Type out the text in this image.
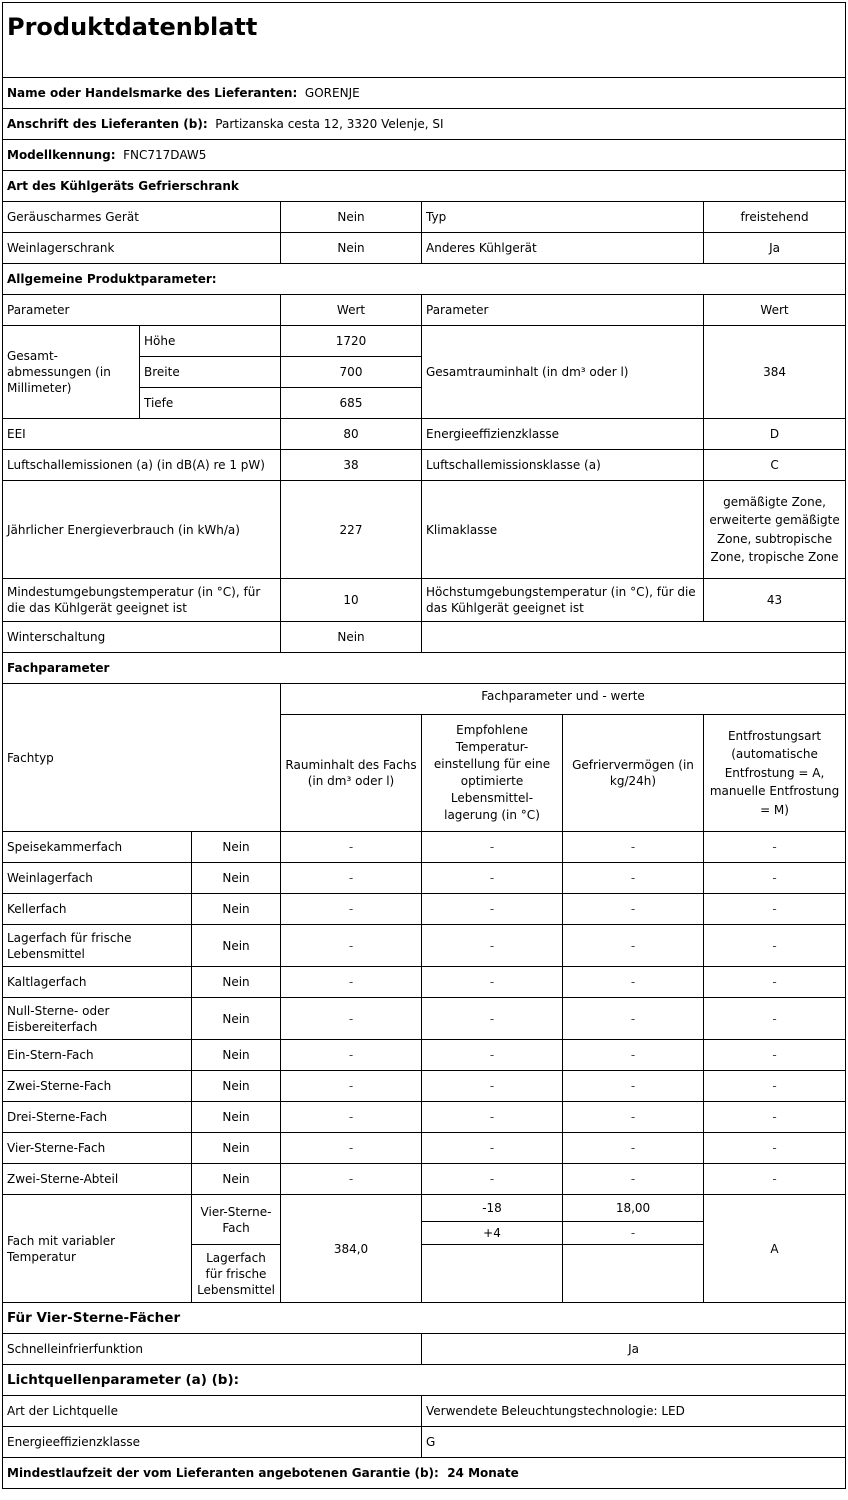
Produktdatenblatt						
Name oder Handelsmarke des Lieferanten: GORENJE						
Anschrift des Lieferanten (b): Partizanska cesta 12, 3320 Velenje, SI						
Modellkennung: FNC717DAW5						
Art des Kühlgeräts Gefrierschrank						
Geräuscharmes Gerät			Nein	Typ		freistehend
Weinlagerschrank			Nein	Anderes Kühlgerät		Ja
Allgemeine Produktparameter:						
Parameter			Wert	Parameter		Wert
Gesamt-abmessungen (in Millimeter)	Höhe		1720	Gesamtrauminhalt (in dm³ oder l)		384
	Breite		700			
	Tiefe		685			
EEI			80	Energieeffizienzklasse		D
Luftschallemissionen (a) (in dB(A) re 1 pW)			38	Luftschallemissionsklasse (a)		C
Jährlicher Energieverbrauch (in kWh/a)			227	Klimaklasse		gemäßigte Zone, erweiterte gemäßigte Zone, subtropische Zone, tropische Zone
Mindestumgebungstemperatur (in °C), für die das Kühlgerät geeignet ist			10	Höchstumgebungstemperatur (in °C), für die das Kühlgerät geeignet ist		43
Winterschaltung			Nein			
Fachparameter						
Fachtyp			Fachparameter und - werte			
			Rauminhalt des Fachs (in dm³ oder l)	Empfohlene Temperatur-einstellung für eine optimierte Lebensmittel-lagerung (in °C)	Gefriervermögen (in kg/24h)	Entfrostungsart (automatische Entfrostung = A, manuelle Entfrostung = M)
Speisekammerfach		Nein	-	-	-	-
Weinlagerfach		Nein	-	-	-	-
Kellerfach		Nein	-	-	-	-
Lagerfach für frische Lebensmittel		Nein	-	-	-	-
Kaltlagerfach		Nein	-	-	-	-
Null-Sterne- oder Eisbereiterfach		Nein	-	-	-	-
Ein-Stern-Fach		Nein	-	-	-	-
Zwei-Sterne-Fach		Nein	-	-	-	-
Drei-Sterne-Fach		Nein	-	-	-	-
Vier-Sterne-Fach		Nein	-	-	-	-
Zwei-Sterne-Abteil		Nein	-	-	-	-
Fach mit variabler Temperatur		Vier-Sterne-Fach	384,0	-18	18,00	A
				+4	-	
		Lagerfach für frische Lebensmittel				

Für Vier-Sterne-Fächer						
Schnelleinfrierfunktion				Ja		
Lichtquellenparameter (a) (b):						
Art der Lichtquelle				Verwendete Beleuchtungstechnologie: LED		
Energieeffizienzklasse				G		
Mindestlaufzeit der vom Lieferanten angebotenen Garantie (b): 24 Monate						
